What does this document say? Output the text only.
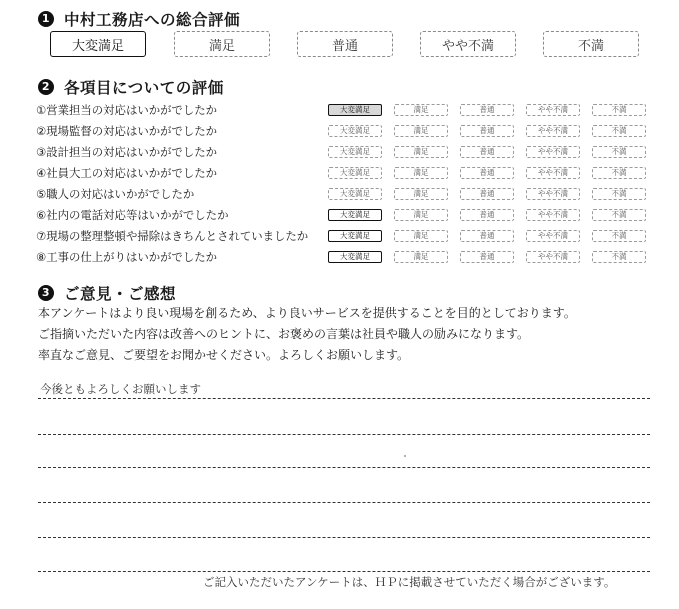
1 中村工務店への総合評価
大変満足	満足	普通	やや不満	不満
2 各項目についての評価
①営業担当の対応はいかがでしたか	大変満足	満足	普通	やや不満	不満
②現場監督の対応はいかがでしたか	大変満足	満足	普通	やや不満	不満
③設計担当の対応はいかがでしたか	大変満足	満足	普通	やや不満	不満
④社員大工の対応はいかがでしたか	大変満足	満足	普通	やや不満	不満
⑤職人の対応はいかがでしたか	大変満足	満足	普通	やや不満	不満
⑥社内の電話対応等はいかがでしたか	大変満足	満足	普通	やや不満	不満
⑦現場の整理整頓や掃除はきちんとされていましたか	大変満足	満足	普通	やや不満	不満
⑧工事の仕上がりはいかがでしたか	大変満足	満足	普通	やや不満	不満
3 ご意見・ご感想
本アンケートはより良い現場を創るため、より良いサービスを提供することを目的としております。
ご指摘いただいた内容は改善へのヒントに、お褒めの言葉は社員や職人の励みになります。
率直なご意見、ご要望をお聞かせください。よろしくお願いします。
今後ともよろしくお願いします
ご記入いただいたアンケートは、ＨＰに掲載させていただく場合がございます。
